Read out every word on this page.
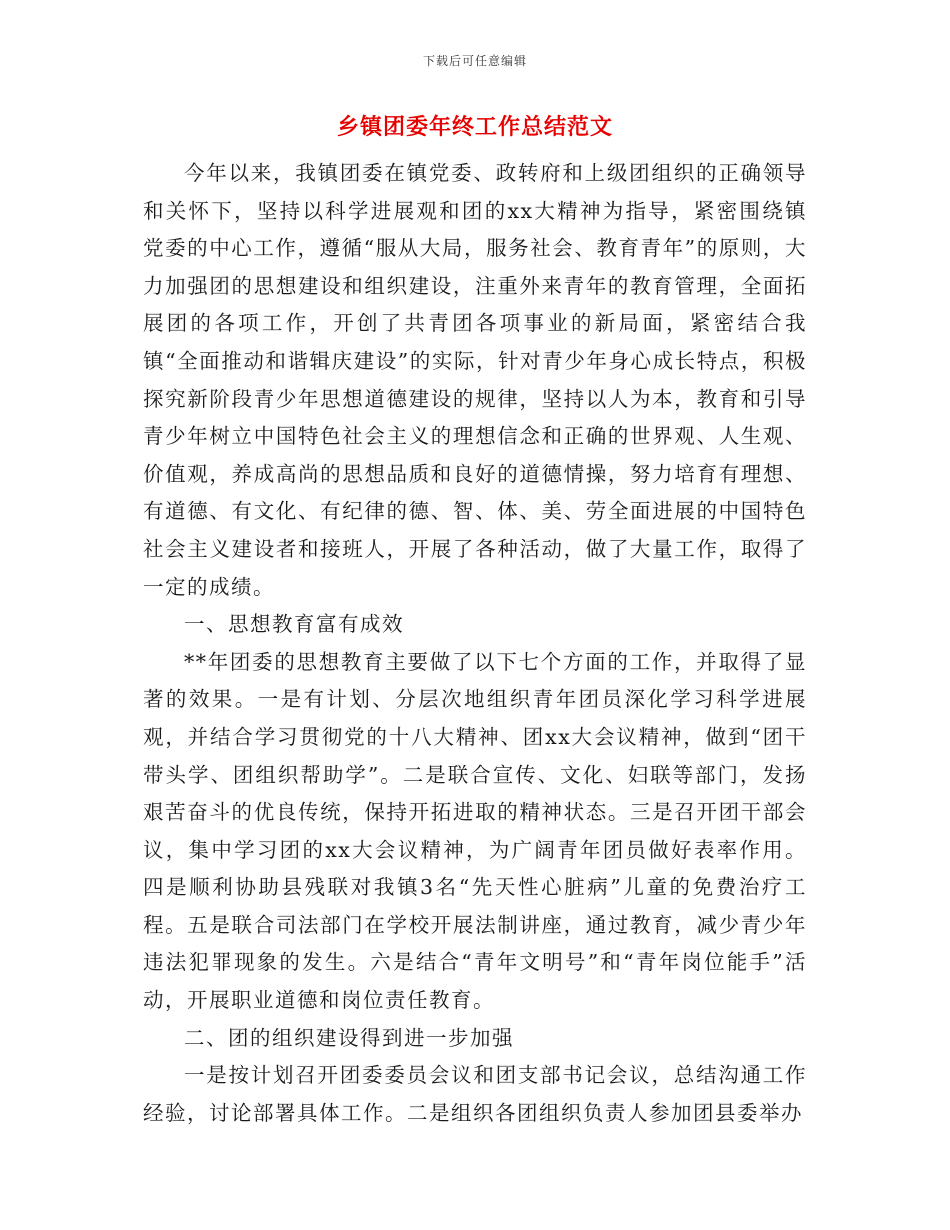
下载后可任意编辑
乡镇团委年终工作总结范文

今年以来，我镇团委在镇党委、政转府和上级团组织的正确领导和关怀下，坚持以科学进展观和团的xx大精神为指导，紧密围绕镇党委的中心工作，遵循“服从大局，服务社会、教育青年”的原则，大力加强团的思想建设和组织建设，注重外来青年的教育管理，全面拓展团的各项工作，开创了共青团各项事业的新局面，紧密结合我镇“全面推动和谐辑庆建设”的实际，针对青少年身心成长特点，积极探究新阶段青少年思想道德建设的规律，坚持以人为本，教育和引导青少年树立中国特色社会主义的理想信念和正确的世界观、人生观、价值观，养成高尚的思想品质和良好的道德情操，努力培育有理想、有道德、有文化、有纪律的德、智、体、美、劳全面进展的中国特色社会主义建设者和接班人，开展了各种活动，做了大量工作，取得了一定的成绩。

一、思想教育富有成效

**年团委的思想教育主要做了以下七个方面的工作，并取得了显著的效果。一是有计划、分层次地组织青年团员深化学习科学进展观，并结合学习贯彻党的十八大精神、团xx大会议精神，做到“团干带头学、团组织帮助学”。二是联合宣传、文化、妇联等部门，发扬艰苦奋斗的优良传统，保持开拓进取的精神状态。三是召开团干部会议，集中学习团的xx大会议精神，为广阔青年团员做好表率作用。四是顺利协助县残联对我镇3名“先天性心脏病”儿童的免费治疗工程。五是联合司法部门在学校开展法制讲座，通过教育，减少青少年违法犯罪现象的发生。六是结合“青年文明号”和“青年岗位能手”活动，开展职业道德和岗位责任教育。

二、团的组织建设得到进一步加强

一是按计划召开团委委员会议和团支部书记会议，总结沟通工作经验，讨论部署具体工作。二是组织各团组织负责人参加团县委举办
